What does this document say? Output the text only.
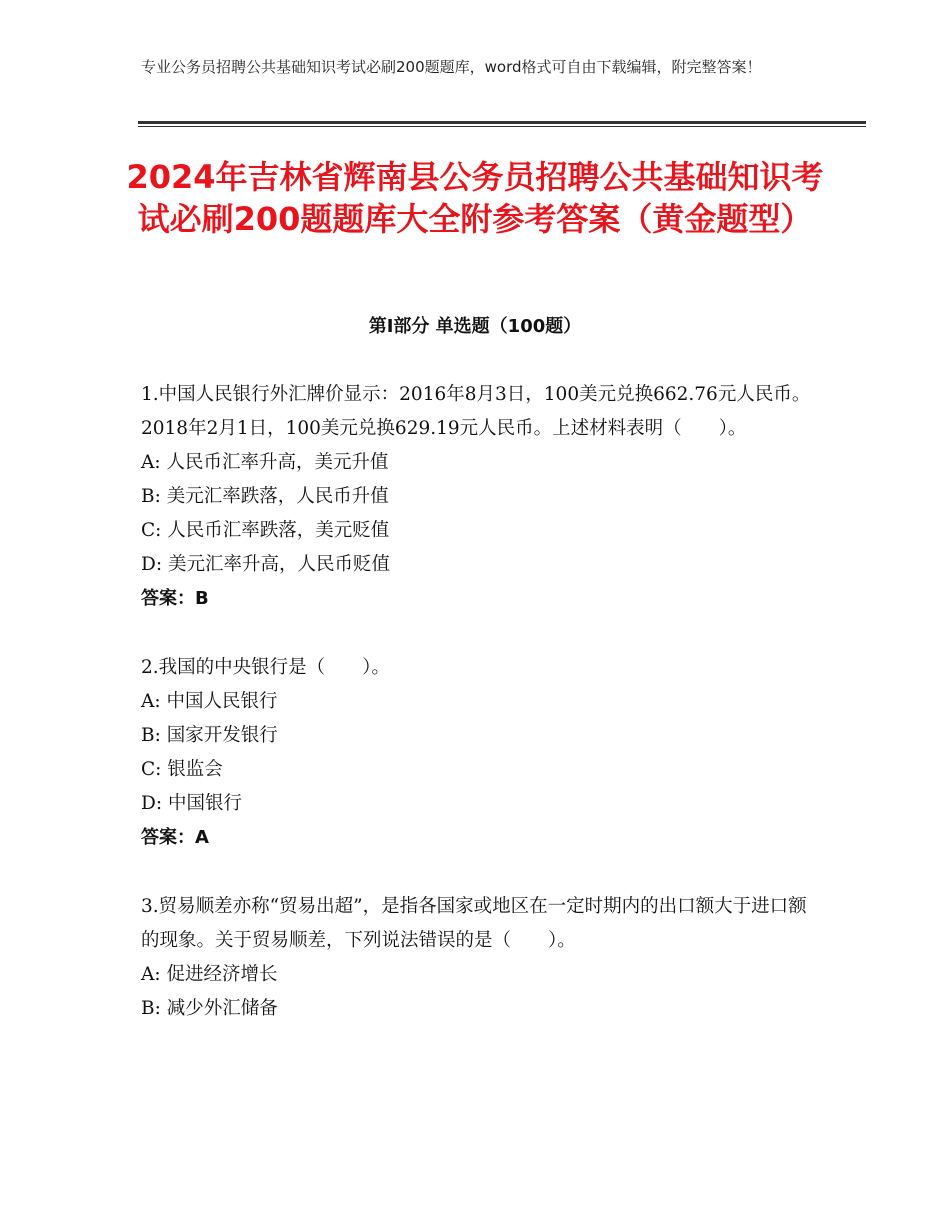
专业公务员招聘公共基础知识考试必刷200题题库，word格式可自由下载编辑，附完整答案！
2024年吉林省辉南县公务员招聘公共基础知识考试必刷200题题库大全附参考答案（黄金题型）
第Ⅰ部分 单选题（100题）

1.中国人民银行外汇牌价显示：2016年8月3日，100美元兑换662.76元人民币。2018年2月1日，100美元兑换629.19元人民币。上述材料表明（　　）。

A: 人民币汇率升高，美元升值

B: 美元汇率跌落，人民币升值

C: 人民币汇率跌落，美元贬值

D: 美元汇率升高，人民币贬值

答案：B

2.我国的中央银行是（　　）。

A: 中国人民银行

B: 国家开发银行

C: 银监会

D: 中国银行

答案：A

3.贸易顺差亦称“贸易出超”，是指各国家或地区在一定时期内的出口额大于进口额的现象。关于贸易顺差，下列说法错误的是（　　）。

A: 促进经济增长

B: 减少外汇储备
